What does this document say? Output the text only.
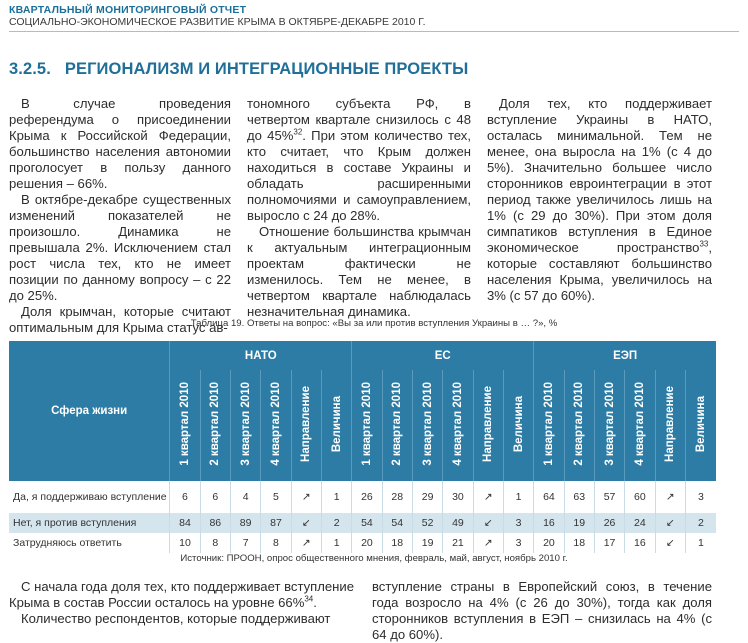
КВАРТАЛЬНЫЙ МОНИТОРИНГОВЫЙ ОТЧЕТ
СОЦИАЛЬНО-ЭКОНОМИЧЕСКОЕ РАЗВИТИЕ КРЫМА В ОКТЯБРЕ-ДЕКАБРЕ 2010 Г.
3.2.5. РЕГИОНАЛИЗМ И ИНТЕГРАЦИОННЫЕ ПРОЕКТЫ

В случае проведения референдума о присоединении Крыма к Российской Федерации, большинство населения автономии проголосует в пользу данного решения – 66%.

В октябре-декабре существенных изменений показателей не произошло. Динамика не превышала 2%. Исключением стал рост числа тех, кто не имеет позиции по данному вопросу – с 22 до 25%.

Доля крымчан, которые считают оптимальным для Крыма статус ав-

тономного субъекта РФ, в четвертом квартале снизилось с 48 до 45%$^{32}$. При этом количество тех, кто считает, что Крым должен находиться в составе Украины и обладать расширенными полномочиями и самоуправлением, выросло с 24 до 28%.

Отношение большинства крымчан к актуальным интеграционным проектам фактически не изменилось. Тем не менее, в четвертом квартале наблюдалась незначительная динамика.

Доля тех, кто поддерживает вступление Украины в НАТО, осталась минимальной. Тем не менее, она выросла на 1% (с 4 до 5%). Значительно большее число сторонников евроинтеграции в этот период также увеличилось лишь на 1% (с 29 до 30%). При этом доля симпатиков вступления в Единое экономическое пространство$^{33}$, которые составляют большинство населения Крыма, увеличилось на 3% (с 57 до 60%).

Таблица 19. Ответы на вопрос: «Вы за или против вступления Украины в … ?», %
Сфера жизни	НАТО						ЕС						ЕЭП					
	1 квартал 2010	2 квартал 2010	3 квартал 2010	4 квартал 2010	Направление	Величина	1 квартал 2010	2 квартал 2010	3 квартал 2010	4 квартал 2010	Направление	Величина	1 квартал 2010	2 квартал 2010	3 квартал 2010	4 квартал 2010	Направление	Величина
Да, я поддерживаю вступление	6	6	4	5	↗	1	26	28	29	30	↗	1	64	63	57	60	↗	3
Нет, я против вступления	84	86	89	87	↙	2	54	54	52	49	↙	3	16	19	26	24	↙	2
Затрудняюсь ответить	10	8	7	8	↗	1	20	18	19	21	↗	3	20	18	17	16	↙	1
Источник: ПРООН, опрос общественного мнения, февраль, май, август, ноябрь 2010 г.

С начала года доля тех, кто поддерживает вступление Крыма в состав России осталось на уровне 66%$^{34}$.

Количество респондентов, которые поддерживают

вступление страны в Европейский союз, в течение года возросло на 4% (с 26 до 30%), тогда как доля сторонников вступления в ЕЭП – снизилась на 4% (с 64 до 60%).
